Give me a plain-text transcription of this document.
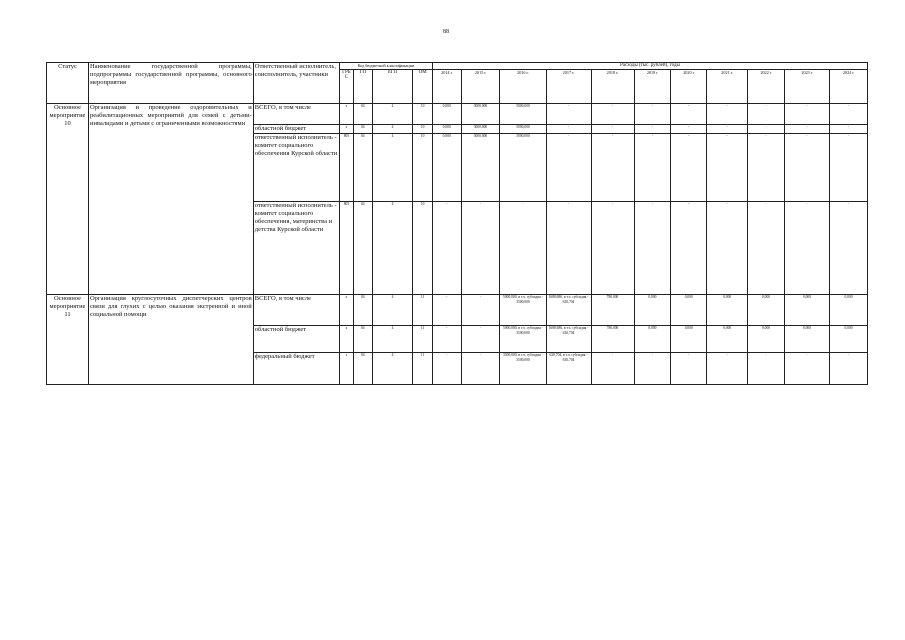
88
Статус	Наименование государственной программы, подпрограммы государственной программы, основного мероприятия	Ответственный исполнитель, соисполнитель, участники	Код бюджетной классификации				Расходы (тыс. рублей), годы										
			ГРБС	ГП	пГП	ОМ	2014 г	2015 г	2016 г.	2017 г.	2018 г.	2019 г	2020 г	2021 г.	2022 г	2023 г	2024 г
Основное мероприятие 10	Организация и проведение оздоровительных и реабилитационных мероприятий для семей с детьми-инвалидами и детьми с ограниченными возможностями	ВСЕГО, в том числе	x	04	4	10	0,000	3000,000	5000,000	-	-	-	-	-	-	-	-
		областной бюджет	x	04	4	10	0,000	3000,000	5000,000	-	-	-	-	-	-	-	-
		ответственный исполнитель - комитет социального обеспечения Курской области	805	04	4	10	0,000	3000,000	5000,000	-	-	-	-	-	-	-	-
		ответственный исполнитель - комитет социального обеспечения, материнства и детства Курской области	805	04	4	10	-	-	-	-	-	-	-	-	-	-	-
Основное мероприятие 11	Организация круглосуточных диспетчерских центров связи для глухих с целью оказания экстренной и иной социальной помощи	ВСЕГО, в том числе	x	04	4	11	-	-	5000,000, в т.ч. субсидия - 3500,000	1688,686, в т.ч. субсидия - 630,704	780,000	0,000	0,000	0,000	0,000	0,000	0,000
		областной бюджет	x	04	4	11	-	-	5000,000, в т.ч. субсидия - 3500,000	1688,686, в т.ч. субсидия - 630,704	780,000	0,000	0,000	0,000	0,000	0,000	0,000
		федеральный бюджет	x	04	4	11	-	-	3500,000, в т.ч. субсидия - 3500,000	630,704, в т.ч. субсидия - 630,704	-	-	-	-	-	-	-
